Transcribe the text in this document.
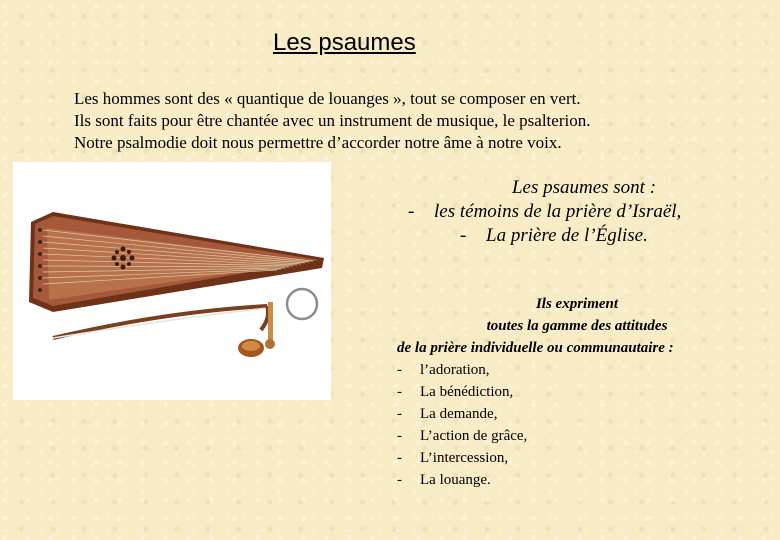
Les psaumes

Les hommes sont des « quantique de louanges », tout se composer en vert.

Ils sont faits pour être chantée avec un instrument de musique, le psalterion.

Notre psalmodie doit nous permettre d’accorder notre âme à notre voix.

Les psaumes sont :
- les témoins de la prière d’Israël,
- La prière de l’Église.
Ils expriment
toutes la gamme des attitudes
de la prière individuelle ou communautaire :
- l’adoration,
- La bénédiction,
- La demande,
- L’action de grâce,
- L’intercession,
- La louange.
